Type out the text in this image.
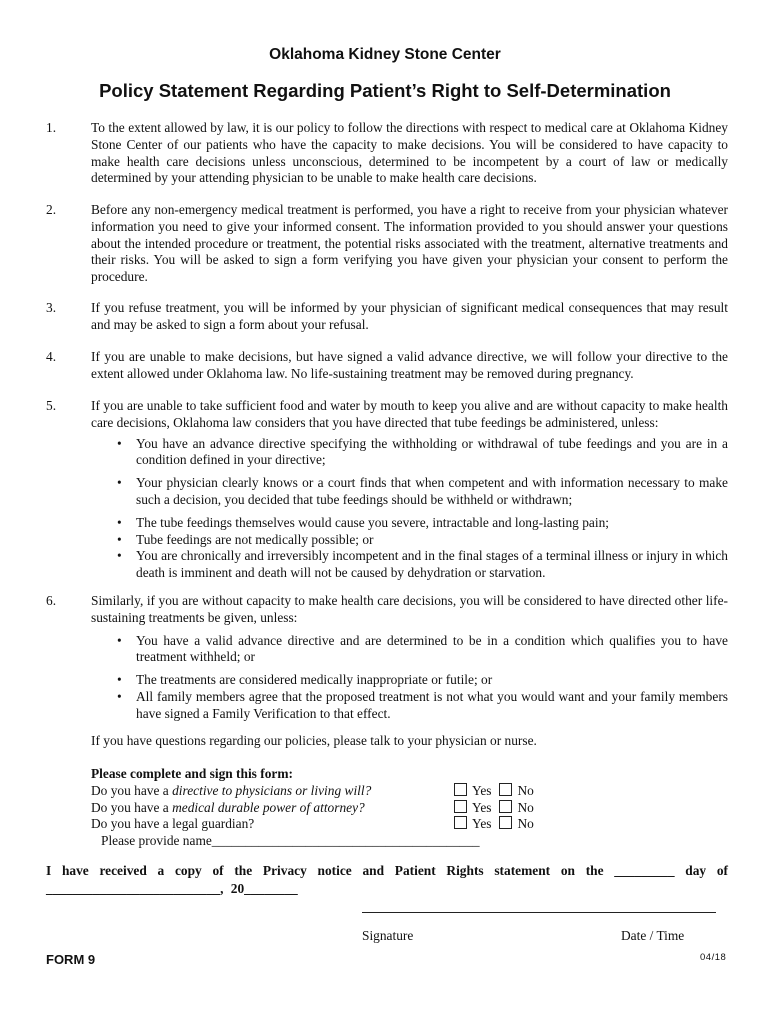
Oklahoma Kidney Stone Center
Policy Statement Regarding Patient’s Right to Self-Determination
1.	To the extent allowed by law, it is our policy to follow the directions with respect to medical care at Oklahoma Kidney Stone Center of our patients who have the capacity to make decisions. You will be considered to have capacity to make health care decisions unless unconscious, determined to be incompetent by a court of law or medically determined by your attending physician to be unable to make health care decisions.
2.	Before any non-emergency medical treatment is performed, you have a right to receive from your physician whatever information you need to give your informed consent. The information provided to you should answer your questions about the intended procedure or treatment, the potential risks associated with the treatment, alternative treatments and their risks. You will be asked to sign a form verifying you have given your physician your consent to perform the procedure.
3.	If you refuse treatment, you will be informed by your physician of significant medical consequences that may result and may be asked to sign a form about your refusal.
4.	If you are unable to make decisions, but have signed a valid advance directive, we will follow your directive to the extent allowed under Oklahoma law. No life-sustaining treatment may be removed during pregnancy.
5.	If you are unable to take sufficient food and water by mouth to keep you alive and are without capacity to make health care decisions, Oklahoma law considers that you have directed that tube feedings be administered, unless:
• You have an advance directive specifying the withholding or withdrawal of tube feedings and you are in a condition defined in your directive;
• Your physician clearly knows or a court finds that when competent and with information necessary to make such a decision, you decided that tube feedings should be withheld or withdrawn;
• The tube feedings themselves would cause you severe, intractable and long-lasting pain;
• Tube feedings are not medically possible; or
• You are chronically and irreversibly incompetent and in the final stages of a terminal illness or injury in which death is imminent and death will not be caused by dehydration or starvation.
6.	Similarly, if you are without capacity to make health care decisions, you will be considered to have directed other life-sustaining treatments be given, unless:
• You have a valid advance directive and are determined to be in a condition which qualifies you to have treatment withheld; or
• The treatments are considered medically inappropriate or futile; or
• All family members agree that the proposed treatment is not what you would want and your family members have signed a Family Verification to that effect.
If you have questions regarding our policies, please talk to your physician or nurse.
Please complete and sign this form:
Do you have a directive to physicians or living will?	Yes No
Do you have a medical durable power of attorney?	Yes No
Do you have a legal guardian?	Yes No
Please provide name________________________________________
I have received a copy of the Privacy notice and Patient Rights statement on the _________ day of __________________________, 20________
Signature	Date / Time
FORM 9	04/18
